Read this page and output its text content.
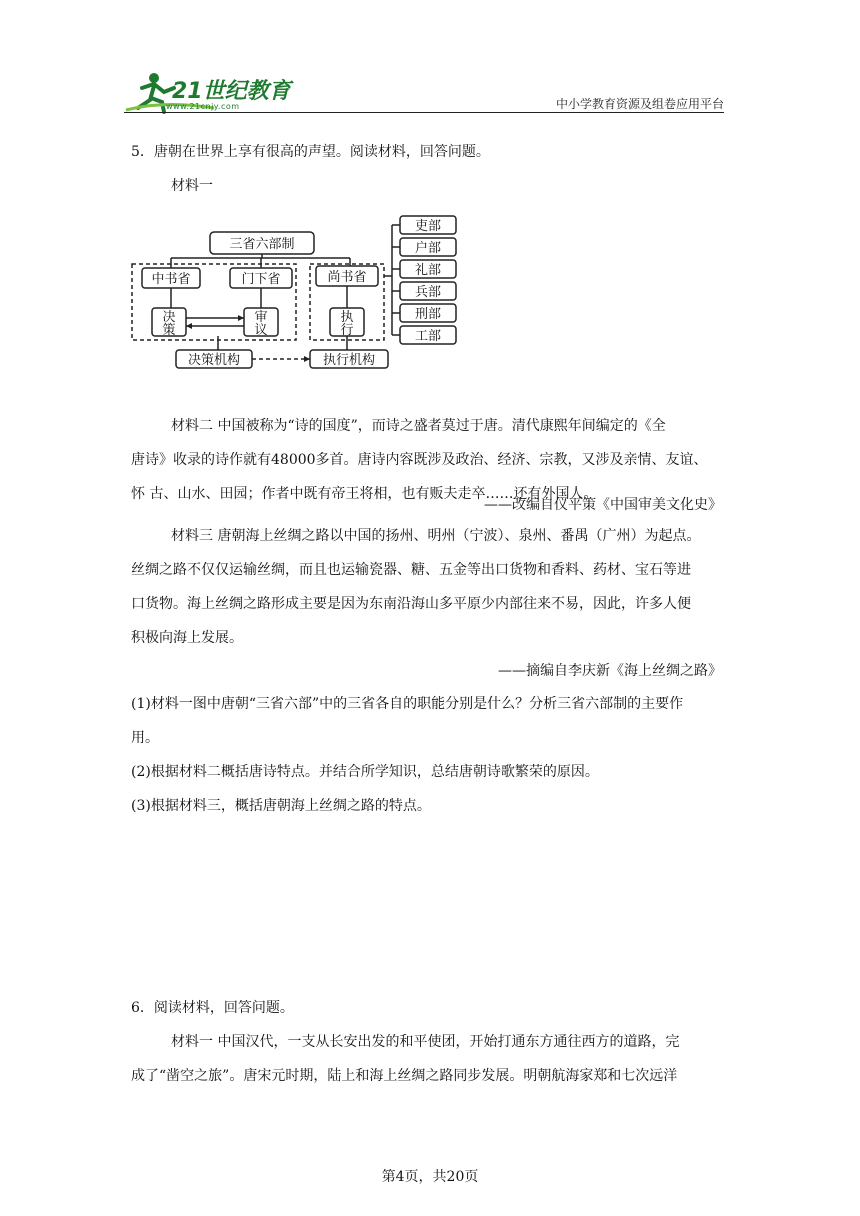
21世纪教育
www.21cnjy.com	中小学教育资源及组卷应用平台
5．唐朝在世界上享有很高的声望。阅读材料，回答问题。
材料一
三省六部制
中书省	门下省	尚书省
决
策
审
议
执
行
决策机构	执行机构
吏部
户部
礼部
兵部
刑部
工部
材料二 中国被称为“诗的国度”，而诗之盛者莫过于唐。清代康熙年间编定的《全
唐诗》收录的诗作就有48000多首。唐诗内容既涉及政治、经济、宗教，又涉及亲情、友谊、
怀 古、山水、田园；作者中既有帝王将相，也有贩夫走卒……还有外国人。
——改编自仪平策《中国审美文化史》
材料三 唐朝海上丝绸之路以中国的扬州、明州（宁波）、泉州、番禺（广州）为起点。
丝绸之路不仅仅运输丝绸，而且也运输瓷器、糖、五金等出口货物和香料、药材、宝石等进
口货物。海上丝绸之路形成主要是因为东南沿海山多平原少内部往来不易，因此，许多人便
积极向海上发展。
——摘编自李庆新《海上丝绸之路》
(1)材料一图中唐朝“三省六部”中的三省各自的职能分别是什么？分析三省六部制的主要作
用。
(2)根据材料二概括唐诗特点。并结合所学知识，总结唐朝诗歌繁荣的原因。
(3)根据材料三，概括唐朝海上丝绸之路的特点。
6．阅读材料，回答问题。
材料一 中国汉代，一支从长安出发的和平使团，开始打通东方通往西方的道路，完
成了“凿空之旅”。唐宋元时期，陆上和海上丝绸之路同步发展。明朝航海家郑和七次远洋
第4页，共20页
